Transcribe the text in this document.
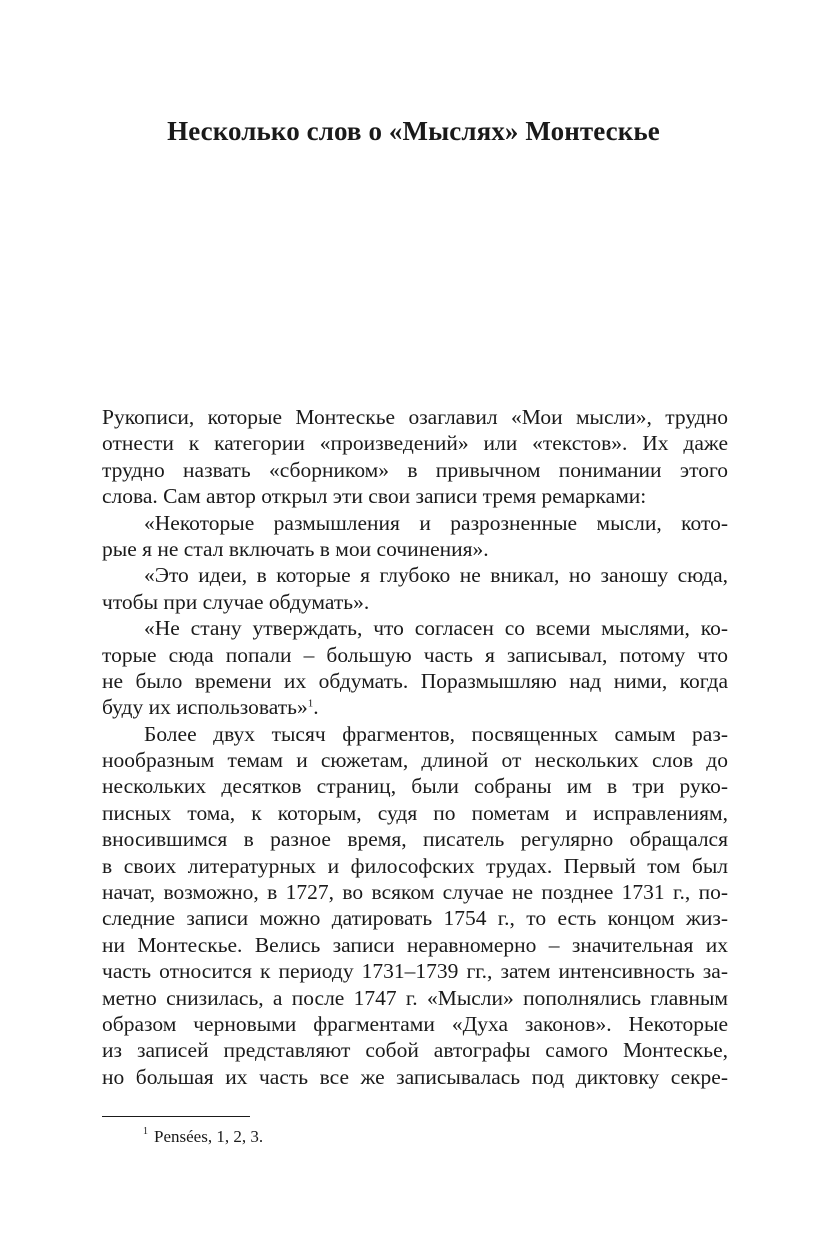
Несколько слов о «Мыслях» Монтескье
Рукописи, которые Монтескье озаглавил «Мои мысли», трудно
отнести к категории «произведений» или «текстов». Их даже
трудно назвать «сборником» в привычном понимании этого
слова. Сам автор открыл эти свои записи тремя ремарками:
«Некоторые размышления и разрозненные мысли, кото-
рые я не стал включать в мои сочинения».
«Это идеи, в которые я глубоко не вникал, но заношу сюда,
чтобы при случае обдумать».
«Не стану утверждать, что согласен со всеми мыслями, ко-
торые сюда попали – большую часть я записывал, потому что
не было времени их обдумать. Поразмышляю над ними, когда
буду их использовать»$^1$.
Более двух тысяч фрагментов, посвященных самым раз-
нообразным темам и сюжетам, длиной от нескольких слов до
нескольких десятков страниц, были собраны им в три руко-
писных тома, к которым, судя по пометам и исправлениям,
вносившимся в разное время, писатель регулярно обращался
в своих литературных и философских трудах. Первый том был
начат, возможно, в 1727, во всяком случае не позднее 1731 г., по-
следние записи можно датировать 1754 г., то есть концом жиз-
ни Монтескье. Велись записи неравномерно – значительная их
часть относится к периоду 1731–1739 гг., затем интенсивность за-
метно снизилась, а после 1747 г. «Мысли» пополнялись главным
образом черновыми фрагментами «Духа законов». Некоторые
из записей представляют собой автографы самого Монтескье,
но большая их часть все же записывалась под диктовку секре-
$^1$ Pensées, 1, 2, 3.
